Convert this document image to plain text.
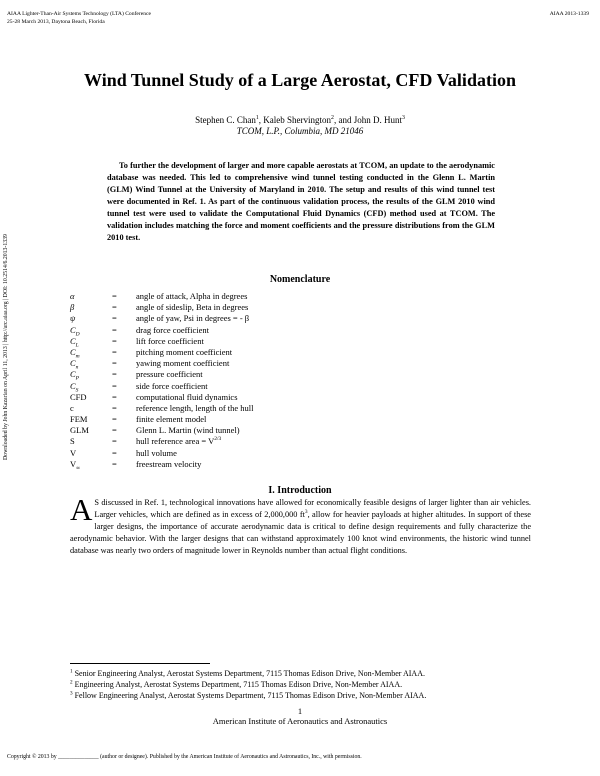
AIAA Lighter-Than-Air Systems Technology (LTA) Conference
25-28 March 2013, Daytona Beach, Florida
AIAA 2013-1339
Wind Tunnel Study of a Large Aerostat, CFD Validation
Stephen C. Chan$^1$, Kaleb Shervington$^2$, and John D. Hunt$^3$
TCOM, L.P., Columbia, MD 21046
To further the development of larger and more capable aerostats at TCOM, an update to the aerodynamic database was needed. This led to comprehensive wind tunnel testing conducted in the Glenn L. Martin (GLM) Wind Tunnel at the University of Maryland in 2010. The setup and results of this wind tunnel test were documented in Ref. 1. As part of the continuous validation process, the results of the GLM 2010 wind tunnel test were used to validate the Computational Fluid Dynamics (CFD) method used at TCOM. The validation includes matching the force and moment coefficients and the pressure distributions from the GLM 2010 test.
Nomenclature
α	=	angle of attack, Alpha in degrees
β	=	angle of sideslip, Beta in degrees
ψ	=	angle of yaw, Psi in degrees = - β
$C_D$	=	drag force coefficient
$C_L$	=	lift force coefficient
$C_m$	=	pitching moment coefficient
$C_n$	=	yawing moment coefficient
$C_P$	=	pressure coefficient
$C_S$	=	side force coefficient
CFD	=	computational fluid dynamics
c	=	reference length, length of the hull
FEM	=	finite element model
GLM	=	Glenn L. Martin (wind tunnel)
S	=	hull reference area = $V^{2/3}$
V	=	hull volume
$V_\infty$	=	freestream velocity
I. Introduction
A S discussed in Ref. 1, technological innovations have allowed for economically feasible designs of larger lighter than air vehicles. Larger vehicles, which are defined as in excess of 2,000,000 $ft^3$, allow for heavier payloads at higher altitudes. In support of these larger designs, the importance of accurate aerodynamic data is critical to define design requirements and fully characterize the aerodynamic behavior. With the larger designs that can withstand approximately 100 knot wind environments, the historic wind tunnel database was nearly two orders of magnitude lower in Reynolds number than actual flight conditions.
$^1$ Senior Engineering Analyst, Aerostat Systems Department, 7115 Thomas Edison Drive, Non-Member AIAA.
$^2$ Engineering Analyst, Aerostat Systems Department, 7115 Thomas Edison Drive, Non-Member AIAA.
$^3$ Fellow Engineering Analyst, Aerostat Systems Department, 7115 Thomas Edison Drive, Non-Member AIAA.
1
American Institute of Aeronautics and Astronautics
Copyright © 2013 by ______________ (author or designee). Published by the American Institute of Aeronautics and Astronautics, Inc., with permission.
Downloaded by John Kazarian on April 11, 2013 | http://arc.aiaa.org | DOI: 10.2514/6.2013-1339
